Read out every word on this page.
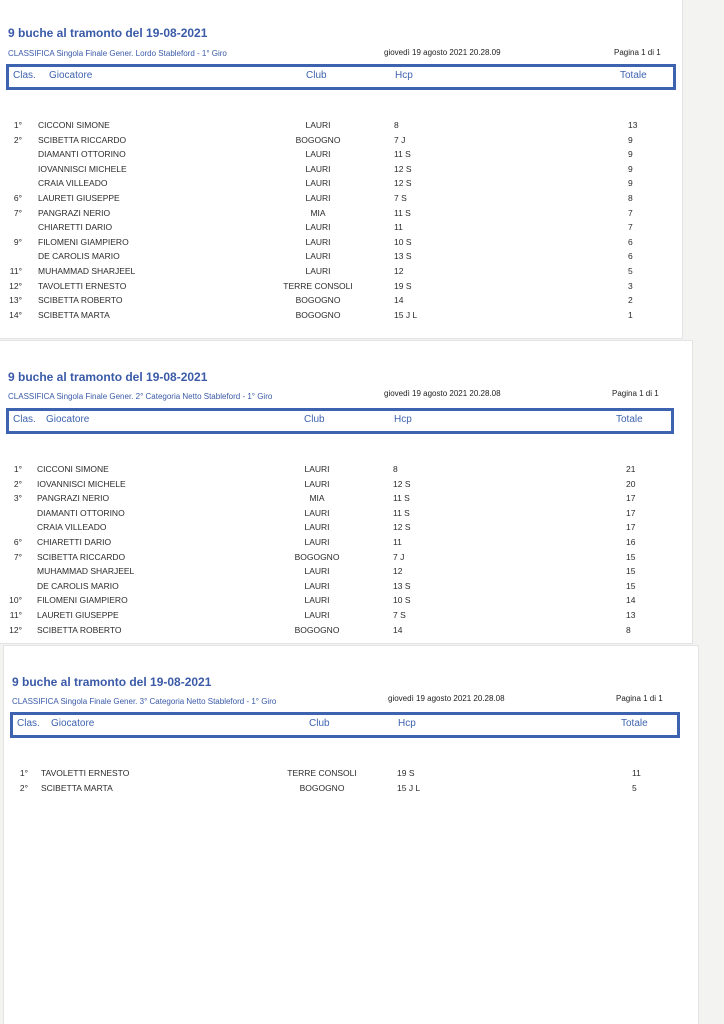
9 buche al tramonto del 19-08-2021
CLASSIFICA Singola Finale Gener. Lordo Stableford - 1° Giro	giovedì 19 agosto 2021 20.28.09	Pagina 1 di 1
Clas. Giocatore	Club	Hcp	Totale
1° CICCONI SIMONE	LAURI	8	13
2° SCIBETTA RICCARDO	BOGOGNO	7 J	9
DIAMANTI OTTORINO	LAURI	11 S	9
IOVANNISCI MICHELE	LAURI	12 S	9
CRAIA VILLEADO	LAURI	12 S	9
6° LAURETI GIUSEPPE	LAURI	7 S	8
7° PANGRAZI NERIO	MIA	11 S	7
CHIARETTI DARIO	LAURI	11	7
9° FILOMENI GIAMPIERO	LAURI	10 S	6
DE CAROLIS MARIO	LAURI	13 S	6
11° MUHAMMAD SHARJEEL	LAURI	12	5
12° TAVOLETTI ERNESTO	TERRE CONSOLI	19 S	3
13° SCIBETTA ROBERTO	BOGOGNO	14	2
14° SCIBETTA MARTA	BOGOGNO	15 J L	1
9 buche al tramonto del 19-08-2021
CLASSIFICA Singola Finale Gener. 2° Categoria Netto Stableford - 1° Giro	giovedì 19 agosto 2021 20.28.08	Pagina 1 di 1
Clas. Giocatore	Club	Hcp	Totale
1° CICCONI SIMONE	LAURI	8	21
2° IOVANNISCI MICHELE	LAURI	12 S	20
3° PANGRAZI NERIO	MIA	11 S	17
DIAMANTI OTTORINO	LAURI	11 S	17
CRAIA VILLEADO	LAURI	12 S	17
6° CHIARETTI DARIO	LAURI	11	16
7° SCIBETTA RICCARDO	BOGOGNO	7 J	15
MUHAMMAD SHARJEEL	LAURI	12	15
DE CAROLIS MARIO	LAURI	13 S	15
10° FILOMENI GIAMPIERO	LAURI	10 S	14
11° LAURETI GIUSEPPE	LAURI	7 S	13
12° SCIBETTA ROBERTO	BOGOGNO	14	8
9 buche al tramonto del 19-08-2021
CLASSIFICA Singola Finale Gener. 3° Categoria Netto Stableford - 1° Giro	giovedì 19 agosto 2021 20.28.08	Pagina 1 di 1
Clas. Giocatore	Club	Hcp	Totale
1° TAVOLETTI ERNESTO	TERRE CONSOLI	19 S	11
2° SCIBETTA MARTA	BOGOGNO	15 J L	5
